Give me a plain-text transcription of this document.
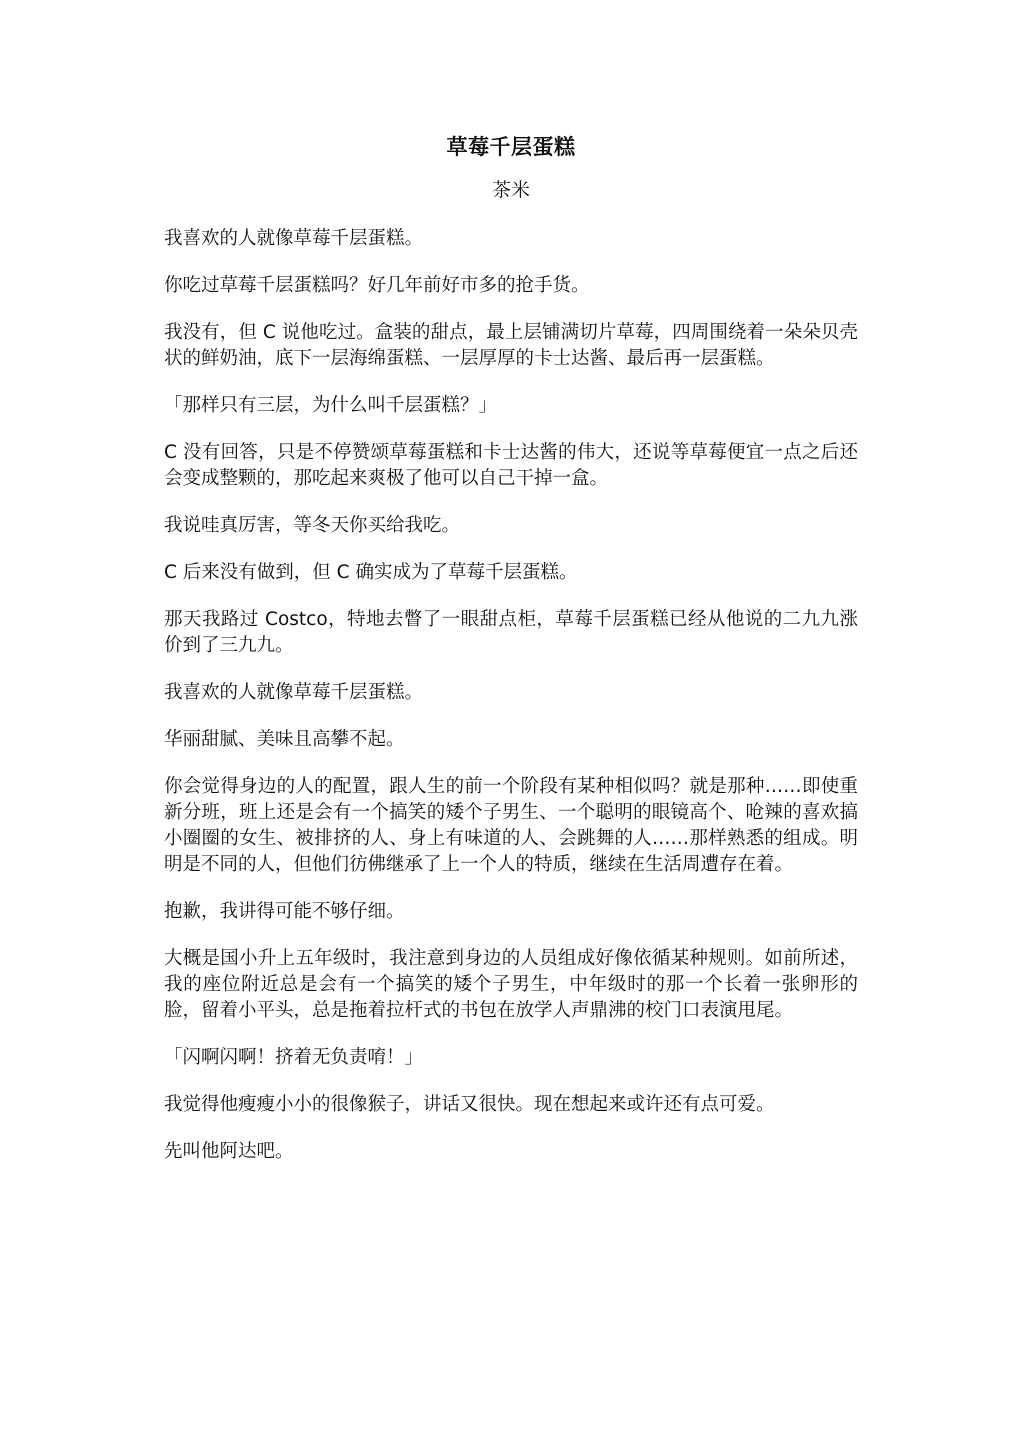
草莓千层蛋糕
茶米

我喜欢的人就像草莓千层蛋糕。

你吃过草莓千层蛋糕吗？好几年前好市多的抢手货。

我没有，但 C 说他吃过。盒装的甜点，最上层铺满切片草莓，四周围绕着一朵朵贝壳状的鲜奶油，底下一层海绵蛋糕、一层厚厚的卡士达酱、最后再一层蛋糕。

「那样只有三层，为什么叫千层蛋糕？」

C 没有回答，只是不停赞颂草莓蛋糕和卡士达酱的伟大，还说等草莓便宜一点之后还会变成整颗的，那吃起来爽极了他可以自己干掉一盒。

我说哇真厉害，等冬天你买给我吃。

C 后来没有做到，但 C 确实成为了草莓千层蛋糕。

那天我路过 Costco，特地去瞥了一眼甜点柜，草莓千层蛋糕已经从他说的二九九涨价到了三九九。

我喜欢的人就像草莓千层蛋糕。

华丽甜腻、美味且高攀不起。

你会觉得身边的人的配置，跟人生的前一个阶段有某种相似吗？就是那种……即使重新分班，班上还是会有一个搞笑的矮个子男生、一个聪明的眼镜高个、呛辣的喜欢搞小圈圈的女生、被排挤的人、身上有味道的人、会跳舞的人……那样熟悉的组成。明明是不同的人，但他们彷佛继承了上一个人的特质，继续在生活周遭存在着。

抱歉，我讲得可能不够仔细。

大概是国小升上五年级时，我注意到身边的人员组成好像依循某种规则。如前所述，我的座位附近总是会有一个搞笑的矮个子男生，中年级时的那一个长着一张卵形的脸，留着小平头，总是拖着拉杆式的书包在放学人声鼎沸的校门口表演甩尾。

「闪啊闪啊！挤着无负责唷！」

我觉得他瘦瘦小小的很像猴子，讲话又很快。现在想起来或许还有点可爱。

先叫他阿达吧。
